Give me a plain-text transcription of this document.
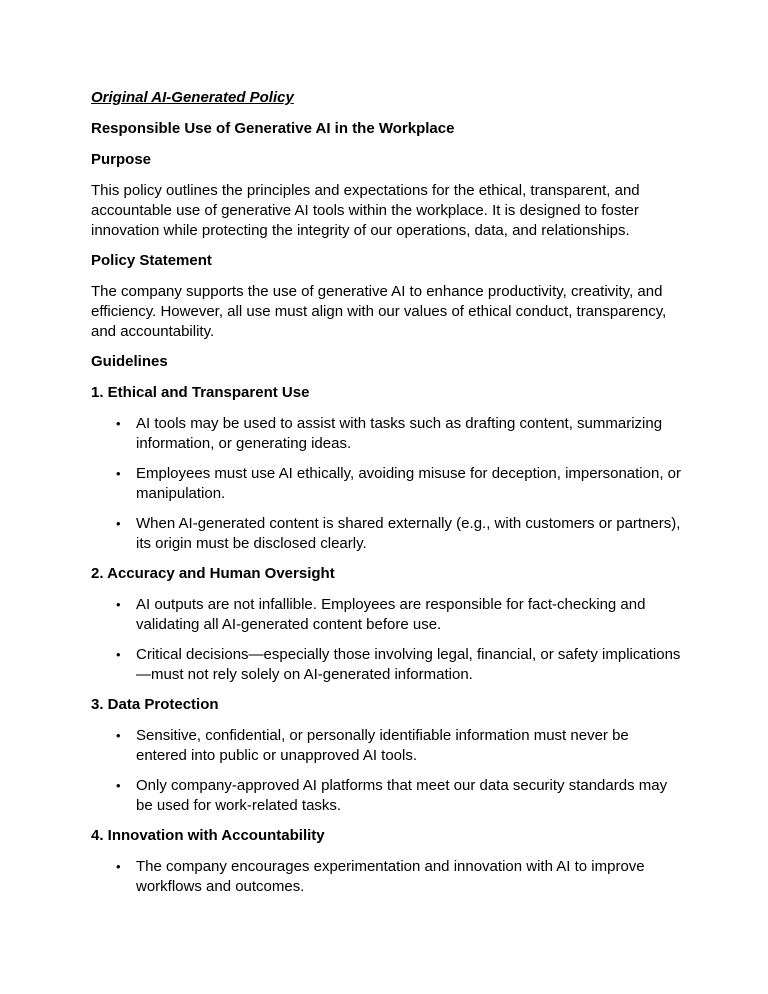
Original AI-Generated Policy
Responsible Use of Generative AI in the Workplace
Purpose
This policy outlines the principles and expectations for the ethical, transparent, and accountable use of generative AI tools within the workplace. It is designed to foster innovation while protecting the integrity of our operations, data, and relationships.
Policy Statement
The company supports the use of generative AI to enhance productivity, creativity, and efficiency. However, all use must align with our values of ethical conduct, transparency, and accountability.
Guidelines
1. Ethical and Transparent Use
• AI tools may be used to assist with tasks such as drafting content, summarizing information, or generating ideas.
• Employees must use AI ethically, avoiding misuse for deception, impersonation, or manipulation.
• When AI-generated content is shared externally (e.g., with customers or partners), its origin must be disclosed clearly.
2. Accuracy and Human Oversight
• AI outputs are not infallible. Employees are responsible for fact-checking and validating all AI-generated content before use.
• Critical decisions—especially those involving legal, financial, or safety implications—must not rely solely on AI-generated information.
3. Data Protection
• Sensitive, confidential, or personally identifiable information must never be entered into public or unapproved AI tools.
• Only company-approved AI platforms that meet our data security standards may be used for work-related tasks.
4. Innovation with Accountability
• The company encourages experimentation and innovation with AI to improve workflows and outcomes.
